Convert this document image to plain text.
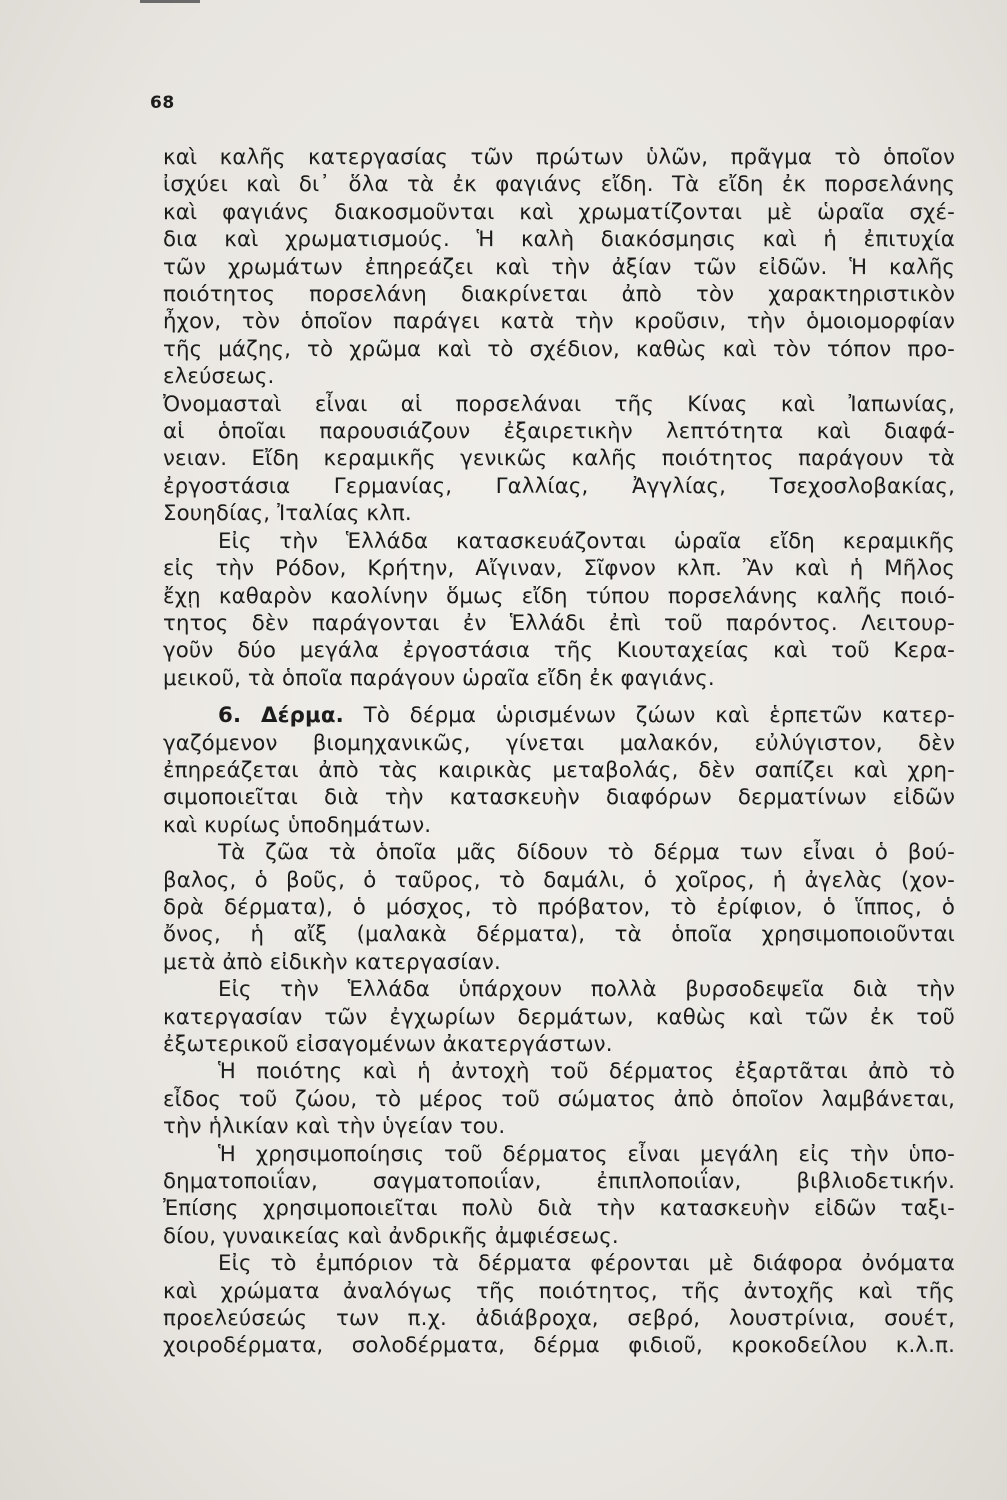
68
καὶ καλῆς κατεργασίας τῶν πρώτων ὑλῶν, πρᾶγμα τὸ ὁποῖον
ἰσχύει καὶ δι᾽ ὅλα τὰ ἐκ φαγιάνς εἴδη. Τὰ εἴδη ἐκ πορσελάνης
καὶ φαγιάνς διακοσμοῦνται καὶ χρωματίζονται μὲ ὡραῖα σχέ-
δια καὶ χρωματισμούς. Ἡ καλὴ διακόσμησις καὶ ἡ ἐπιτυχία
τῶν χρωμάτων ἐπηρεάζει καὶ τὴν ἀξίαν τῶν εἰδῶν. Ἡ καλῆς
ποιότητος πορσελάνη διακρίνεται ἀπὸ τὸν χαρακτηριστικὸν
ἦχον, τὸν ὁποῖον παράγει κατὰ τὴν κροῦσιν, τὴν ὁμοιομορφίαν
τῆς μάζης, τὸ χρῶμα καὶ τὸ σχέδιον, καθὼς καὶ τὸν τόπον προ-
ελεύσεως.
Ὀνομασταὶ εἶναι αἱ πορσελάναι τῆς Κίνας καὶ Ἰαπωνίας,
αἱ ὁποῖαι παρουσιάζουν ἐξαιρετικὴν λεπτότητα καὶ διαφά-
νειαν. Εἴδη κεραμικῆς γενικῶς καλῆς ποιότητος παράγουν τὰ
ἐργοστάσια Γερμανίας, Γαλλίας, Ἀγγλίας, Τσεχοσλοβακίας,
Σουηδίας, Ἰταλίας κλπ.
Εἰς τὴν Ἑλλάδα κατασκευάζονται ὡραῖα εἴδη κεραμικῆς
εἰς τὴν Ρόδον, Κρήτην, Αἴγιναν, Σῖφνον κλπ. Ἂν καὶ ἡ Μῆλος
ἔχῃ καθαρὸν καολίνην ὅμως εἴδη τύπου πορσελάνης καλῆς ποιό-
τητος δὲν παράγονται ἐν Ἑλλάδι ἐπὶ τοῦ παρόντος. Λειτουρ-
γοῦν δύο μεγάλα ἐργοστάσια τῆς Κιουταχείας καὶ τοῦ Κερα-
μεικοῦ, τὰ ὁποῖα παράγουν ὡραῖα εἴδη ἐκ φαγιάνς.
6. Δέρμα. Τὸ δέρμα ὡρισμένων ζώων καὶ ἑρπετῶν κατερ-
γαζόμενον βιομηχανικῶς, γίνεται μαλακόν, εὐλύγιστον, δὲν
ἐπηρεάζεται ἀπὸ τὰς καιρικὰς μεταβολάς, δὲν σαπίζει καὶ χρη-
σιμοποιεῖται διὰ τὴν κατασκευὴν διαφόρων δερματίνων εἰδῶν
καὶ κυρίως ὑποδημάτων.
Τὰ ζῶα τὰ ὁποῖα μᾶς δίδουν τὸ δέρμα των εἶναι ὁ βού-
βαλος, ὁ βοῦς, ὁ ταῦρος, τὸ δαμάλι, ὁ χοῖρος, ἡ ἀγελὰς (χον-
δρὰ δέρματα), ὁ μόσχος, τὸ πρόβατον, τὸ ἐρίφιον, ὁ ἵππος, ὁ
ὄνος, ἡ αἴξ (μαλακὰ δέρματα), τὰ ὁποῖα χρησιμοποιοῦνται
μετὰ ἀπὸ εἰδικὴν κατεργασίαν.
Εἰς τὴν Ἑλλάδα ὑπάρχουν πολλὰ βυρσοδεψεῖα διὰ τὴν
κατεργασίαν τῶν ἐγχωρίων δερμάτων, καθὼς καὶ τῶν ἐκ τοῦ
ἐξωτερικοῦ εἰσαγομένων ἀκατεργάστων.
Ἡ ποιότης καὶ ἡ ἀντοχὴ τοῦ δέρματος ἐξαρτᾶται ἀπὸ τὸ
εἶδος τοῦ ζώου, τὸ μέρος τοῦ σώματος ἀπὸ ὁποῖον λαμβάνεται,
τὴν ἡλικίαν καὶ τὴν ὑγείαν του.
Ἡ χρησιμοποίησις τοῦ δέρματος εἶναι μεγάλη εἰς τὴν ὑπο-
δηματοποιΐαν, σαγματοποιΐαν, ἐπιπλοποιΐαν, βιβλιοδετικήν.
Ἐπίσης χρησιμοποιεῖται πολὺ διὰ τὴν κατασκευὴν εἰδῶν ταξι-
δίου, γυναικείας καὶ ἀνδρικῆς ἀμφιέσεως.
Εἰς τὸ ἐμπόριον τὰ δέρματα φέρονται μὲ διάφορα ὀνόματα
καὶ χρώματα ἀναλόγως τῆς ποιότητος, τῆς ἀντοχῆς καὶ τῆς
προελεύσεώς των π.χ. ἀδιάβροχα, σεβρό, λουστρίνια, σουέτ,
χοιροδέρματα, σολοδέρματα, δέρμα φιδιοῦ, κροκοδείλου κ.λ.π.
